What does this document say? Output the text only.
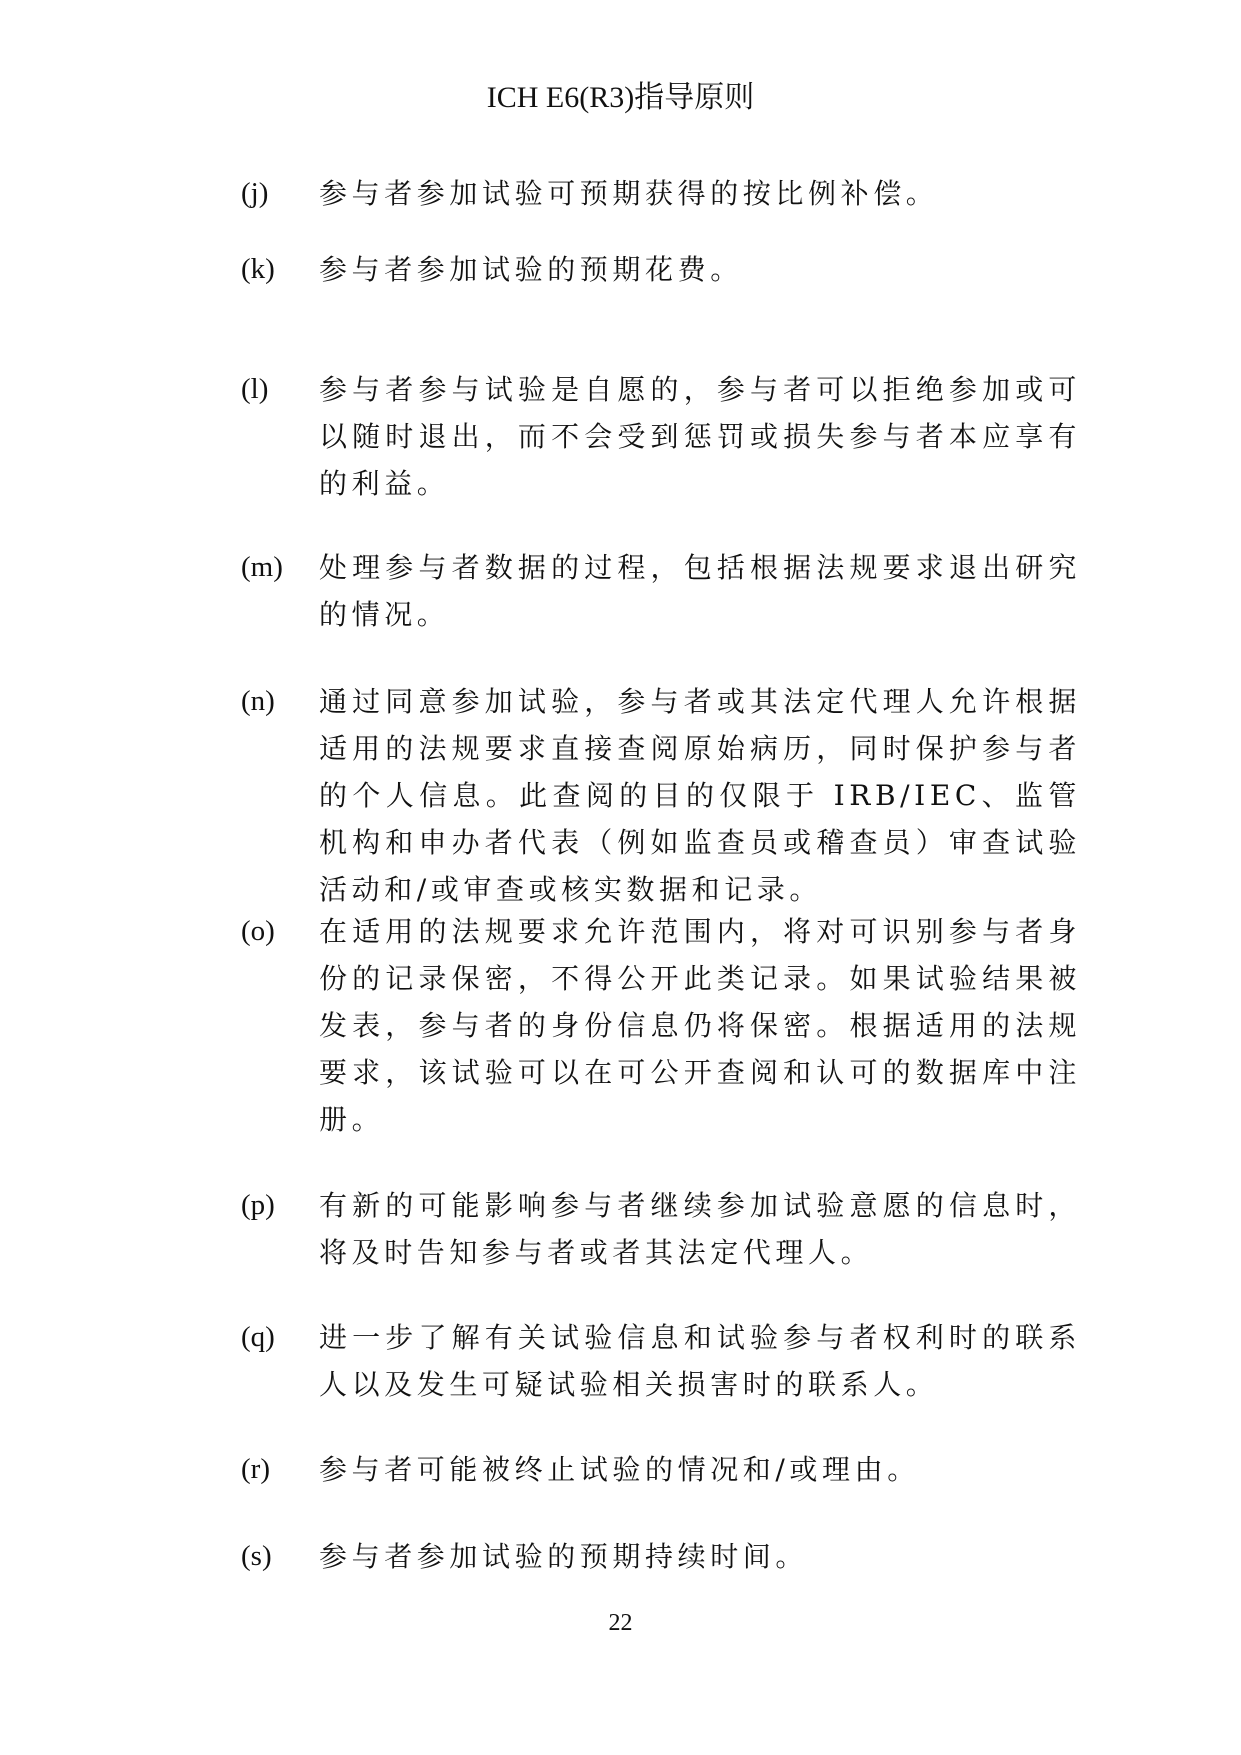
ICH E6(R3)指导原则
(j) 参与者参加试验可预期获得的按比例补偿。
(k) 参与者参加试验的预期花费。
(l) 参与者参与试验是自愿的，参与者可以拒绝参加或可以随时退出，而不会受到惩罚或损失参与者本应享有的利益。
(m) 处理参与者数据的过程，包括根据法规要求退出研究的情况。
(n) 通过同意参加试验，参与者或其法定代理人允许根据适用的法规要求直接查阅原始病历，同时保护参与者的个人信息。此查阅的目的仅限于 IRB/IEC、监管机构和申办者代表（例如监查员或稽查员）审查试验活动和/或审查或核实数据和记录。
(o) 在适用的法规要求允许范围内，将对可识别参与者身份的记录保密，不得公开此类记录。如果试验结果被发表，参与者的身份信息仍将保密。根据适用的法规要求，该试验可以在可公开查阅和认可的数据库中注册。
(p) 有新的可能影响参与者继续参加试验意愿的信息时，将及时告知参与者或者其法定代理人。
(q) 进一步了解有关试验信息和试验参与者权利时的联系人以及发生可疑试验相关损害时的联系人。
(r) 参与者可能被终止试验的情况和/或理由。
(s) 参与者参加试验的预期持续时间。
22
